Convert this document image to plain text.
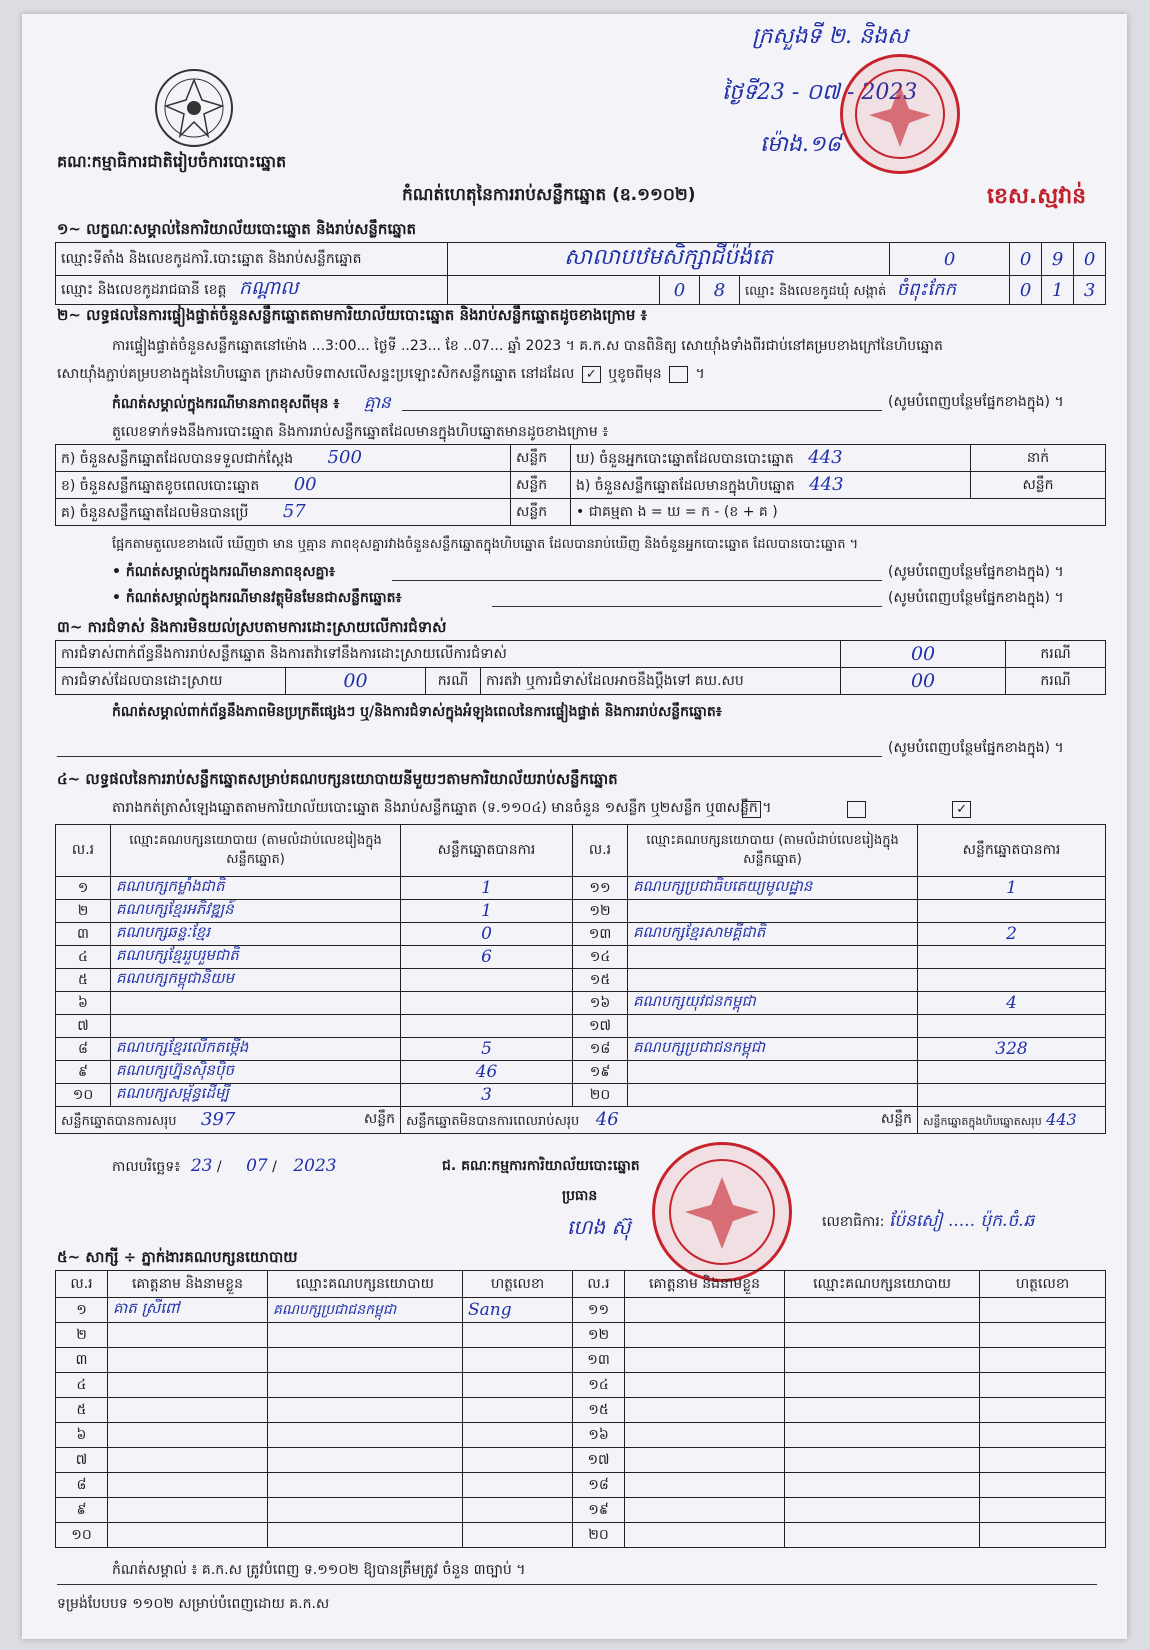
គណៈកម្មាធិការជាតិរៀបចំការបោះឆ្នោត
ក្រសួងទី ២. និងស
ថ្ងៃទី23 - ០៧ - 2023
ម៉ោង.១៨
ខេស.ស្មវាន់
កំណត់ហេតុនៃការរាប់សន្លឹកឆ្នោត (ឧ.១១០២)
១~ លក្ខណៈសម្គាល់នៃការិយាល័យបោះឆ្នោត និងរាប់សន្លឹកឆ្នោត
ឈ្មោះទីតាំង និងលេខកូដការិ.បោះឆ្នោត និងរាប់សន្លឹកឆ្នោត	សាលាបឋមសិក្សាជីប៉ង់តេ				0	0	9	0
ឈ្មោះ និងលេខកូដរាជធានី ខេត្ត កណ្តាល		0	8	ឈ្មោះ និងលេខកូដឃុំ សង្កាត់ ចំពុះកែក		0	1	3
២~ លទ្ធផលនៃការផ្ទៀងផ្ទាត់ចំនួនសន្លឹកឆ្នោតតាមការិយាល័យបោះឆ្នោត និងរាប់សន្លឹកឆ្នោតដូចខាងក្រោម ៖
ការផ្ទៀងផ្ទាត់ចំនួនសន្លឹកឆ្នោតនៅម៉ោង ...3:00... ថ្ងៃទី ..23... ខែ ..07... ឆ្នាំ 2023 ។ គ.ក.ស បានពិនិត្យ សោយ៉ាំងទាំងពីរជាប់នៅគម្របខាងក្រៅនៃហិបឆ្នោត
សោយ៉ាំងភ្ជាប់គម្របខាងក្នុងនៃហិបឆ្នោត ក្រដាសបិទពាសលើសន្ទះប្រឡោះសិកសន្លឹកឆ្នោត នៅដដែល ✓ ឬខូចពីមុន  ។
កំណត់សម្គាល់ក្នុងករណីមានភាពខុសពីមុន ៖ គ្មាន	(សូមបំពេញបន្ថែមផ្នែកខាងក្នុង) ។
តួលេខទាក់ទងនឹងការបោះឆ្នោត និងការរាប់សន្លឹកឆ្នោតដែលមានក្នុងហិបឆ្នោតមានដូចខាងក្រោម ៖
ក) ចំនួនសន្លឹកឆ្នោតដែលបានទទួលជាក់ស្តែង 500	សន្លឹក	ឃ) ចំនួនអ្នកបោះឆ្នោតដែលបានបោះឆ្នោត 443	នាក់
ខ) ចំនួនសន្លឹកឆ្នោតខូចពេលបោះឆ្នោត 00	សន្លឹក	ង) ចំនួនសន្លឹកឆ្នោតដែលមានក្នុងហិបឆ្នោត 443	សន្លឹក
គ) ចំនួនសន្លឹកឆ្នោតដែលមិនបានប្រើ 57	សន្លឹក	• ជាគម្មតា ង = ឃ = ក - (ខ + គ )	
ផ្អែកតាមតួលេខខាងលើ ឃើញថា មាន ឬគ្មាន ភាពខុសគ្នារវាងចំនួនសន្លឹកឆ្នោតក្នុងហិបឆ្នោត ដែលបានរាប់ឃើញ និងចំនួនអ្នកបោះឆ្នោត ដែលបានបោះឆ្នោត ។
• កំណត់សម្គាល់ក្នុងករណីមានភាពខុសគ្នា៖	(សូមបំពេញបន្ថែមផ្នែកខាងក្នុង) ។
• កំណត់សម្គាល់ក្នុងករណីមានវត្ថុមិនមែនជាសន្លឹកឆ្នោត៖	(សូមបំពេញបន្ថែមផ្នែកខាងក្នុង) ។
៣~ ការជំទាស់ និងការមិនយល់ស្របតាមការដោះស្រាយលើការជំទាស់
ការជំទាស់ពាក់ព័ន្ធនឹងការរាប់សន្លឹកឆ្នោត និងការតវ៉ាទៅនឹងការដោះស្រាយលើការជំទាស់				00	ករណី
ការជំទាស់ដែលបានដោះស្រាយ	00	ករណី	ការតវ៉ា ឬការជំទាស់ដែលអាចនឹងប្តឹងទៅ គឃ.សប	00	ករណី
កំណត់សម្គាល់ពាក់ព័ន្ធនឹងភាពមិនប្រក្រតីផ្សេងៗ ឬ/និងការជំទាស់ក្នុងអំឡុងពេលនៃការផ្ទៀងផ្ទាត់ និងការរាប់សន្លឹកឆ្នោត៖
(សូមបំពេញបន្ថែមផ្នែកខាងក្នុង) ។
៤~ លទ្ធផលនៃការរាប់សន្លឹកឆ្នោតសម្រាប់គណបក្សនយោបាយនីមួយៗតាមការិយាល័យរាប់សន្លឹកឆ្នោត
តារាងកត់ត្រាសំឡេងឆ្នោតតាមការិយាល័យបោះឆ្នោត និងរាប់សន្លឹកឆ្នោត (ទ.១១០៤) មានចំនួន ១សន្លឹក ឬ២សន្លឹក ឬ៣សន្លឹក ។	✓
ល.រ	ឈ្មោះគណបក្សនយោបាយ (តាមលំដាប់លេខរៀងក្នុងសន្លឹកឆ្នោត)	សន្លឹកឆ្នោតបានការ	ល.រ	ឈ្មោះគណបក្សនយោបាយ (តាមលំដាប់លេខរៀងក្នុងសន្លឹកឆ្នោត)	សន្លឹកឆ្នោតបានការ
១	គណបក្សកម្លាំងជាតិ	1	១១	គណបក្សប្រជាធិបតេយ្យមូលដ្ឋាន	1
២	គណបក្សខ្មែរអភិវឌ្ឍន៍	1	១២		
៣	គណបក្សឆន្ទៈខ្មែរ	0	១៣	គណបក្សខ្មែរសាមគ្គីជាតិ	2
៤	គណបក្សខ្មែររួបរួមជាតិ	6	១៤		
៥	គណបក្សកម្ពុជានិយម		១៥		
៦			១៦	គណបក្សយុវជនកម្ពុជា	4
៧			១៧		
៨	គណបក្សខ្មែរលើកតម្កើង	5	១៨	គណបក្សប្រជាជនកម្ពុជា	328
៩	គណបក្សហ្វ៊ុនស៊ិនប៉ិច	46	១៩		
១០	គណបក្សសម្ព័ន្ធដើម្បី	3	២០		
សន្លឹកឆ្នោតបានការសរុប 397 សន្លឹក		សន្លឹកឆ្នោតមិនបានការពេលរាប់សរុប 46 សន្លឹក			សន្លឹកឆ្នោតក្នុងហិបឆ្នោតសរុប 443
កាលបរិច្ឆេទ៖ 23 / 07 / 2023	ជ. គណៈកម្មការការិយាល័យបោះឆ្នោត
ប្រធាន
ហេង ស៊ុ	លេខាធិការ: ប៉ែនសៀ ..... ប៉ុក.ចំ.ឆ
៥~ សាក្សី ÷ ភ្នាក់ងារគណបក្សនយោបាយ
ល.រ	គោត្តនាម និងនាមខ្លួន	ឈ្មោះគណបក្សនយោបាយ	ហត្ថលេខា	ល.រ	គោត្តនាម និងនាមខ្លួន	ឈ្មោះគណបក្សនយោបាយ	ហត្ថលេខា
១	គាត ស្រីពៅ	គណបក្សប្រជាជនកម្ពុជា	Sang	១១			
២				១២			
៣				១៣			
៤				១៤			
៥				១៥			
៦				១៦			
៧				១៧			
៨				១៨			
៩				១៩			
១០				២០			
កំណត់សម្គាល់ ៖ គ.ក.ស ត្រូវបំពេញ ទ.១១០២ ឱ្យបានត្រឹមត្រូវ ចំនួន ៣ច្បាប់ ។
ទម្រង់បែបបទ ១១០២ សម្រាប់បំពេញដោយ គ.ក.ស
